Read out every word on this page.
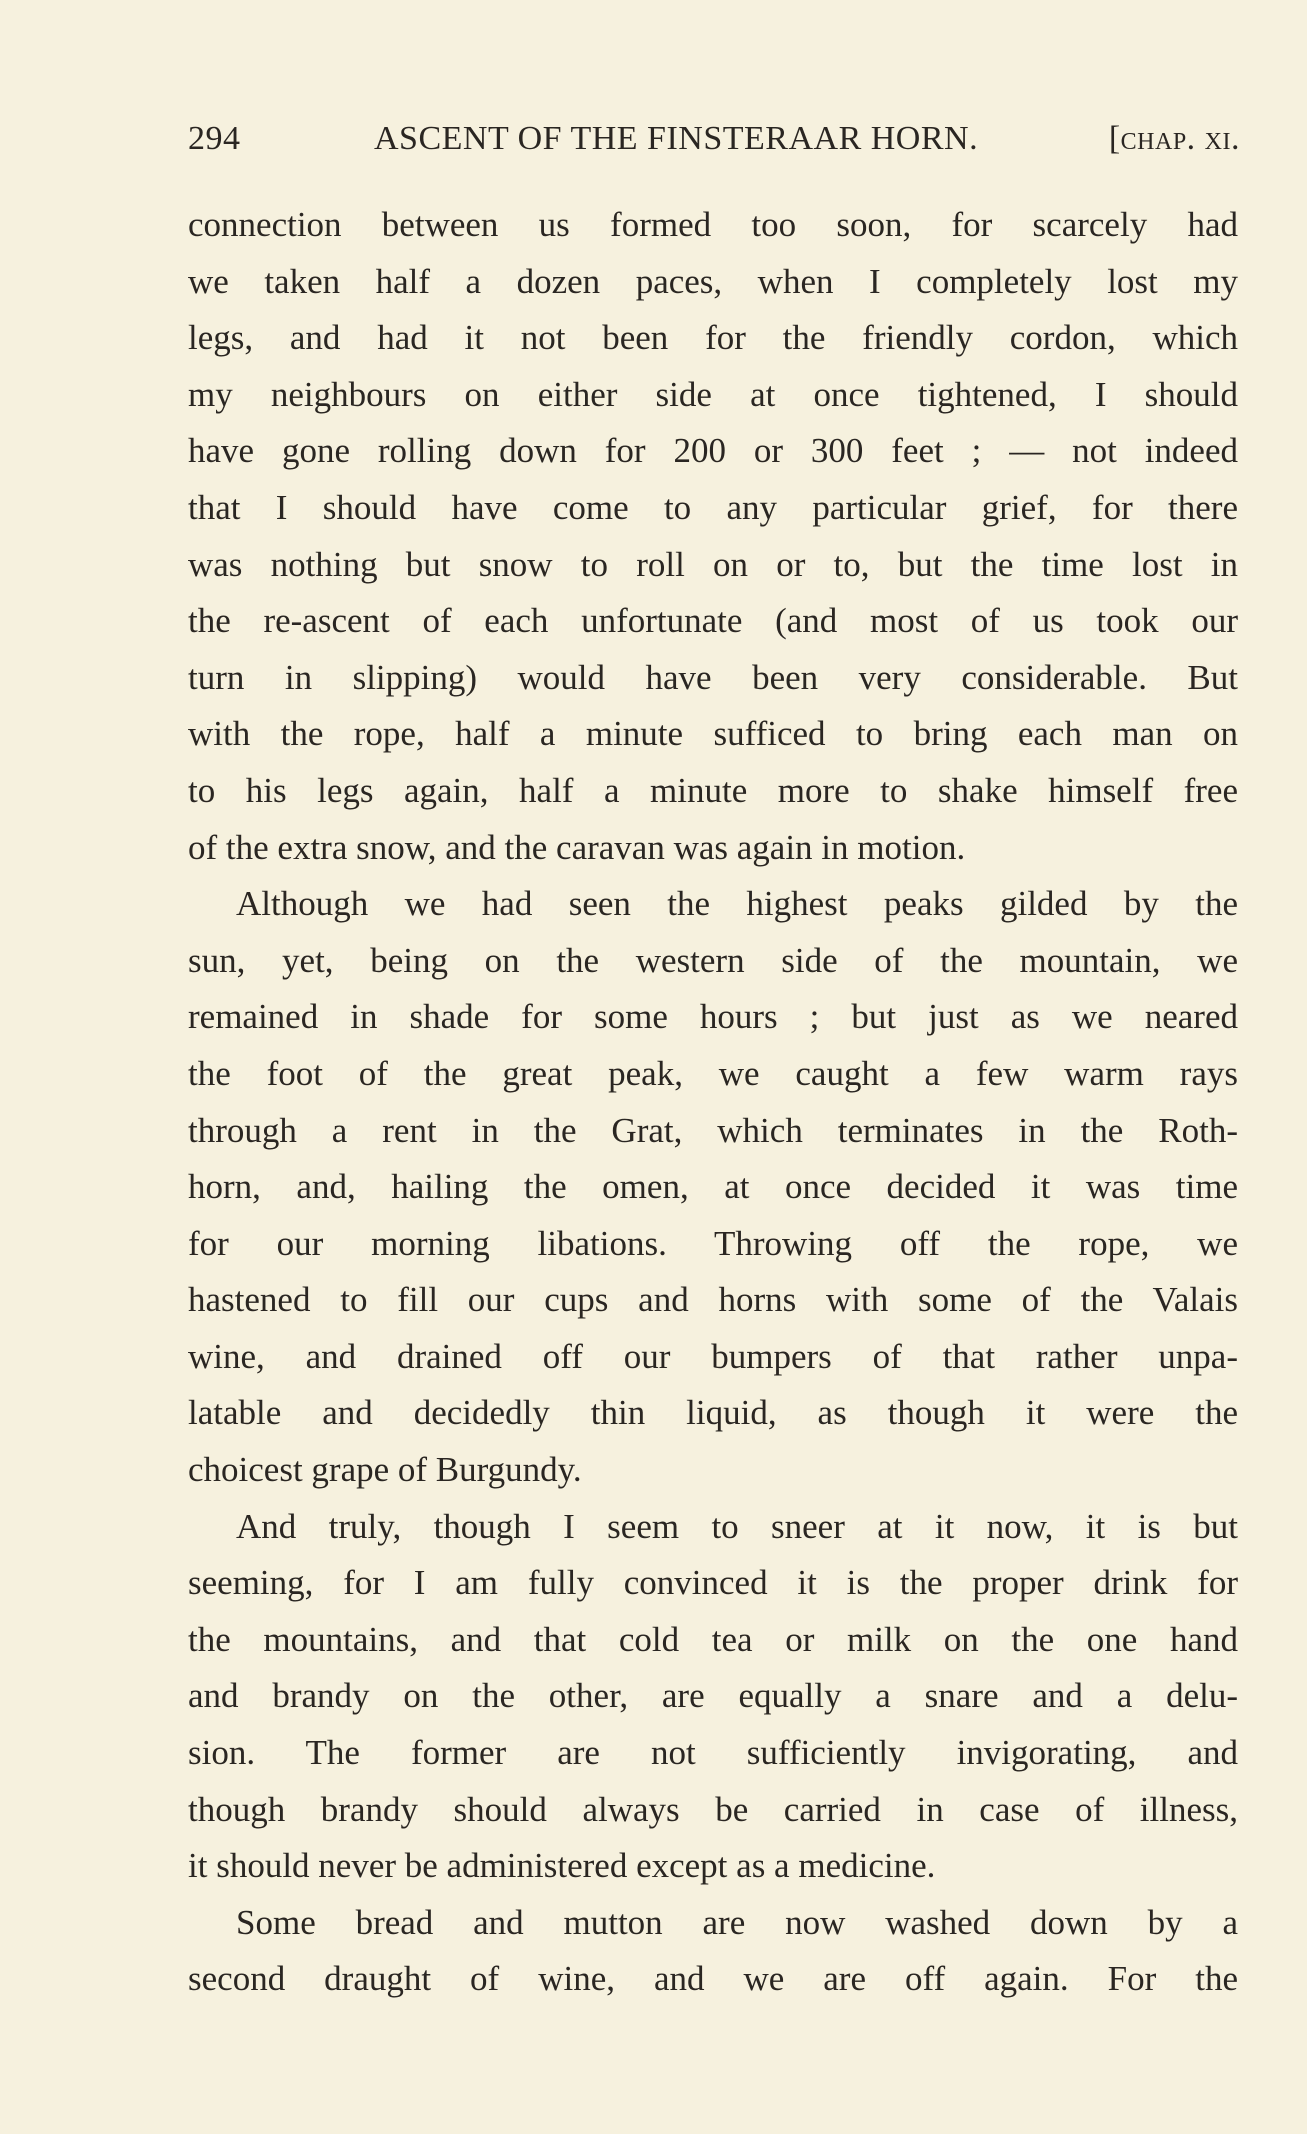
294	ASCENT OF THE FINSTERAAR HORN.	[chap. xi.

connection between us formed too soon, for scarcely had
we taken half a dozen paces, when I completely lost my
legs, and had it not been for the friendly cordon, which
my neighbours on either side at once tightened, I should
have gone rolling down for 200 or 300 feet ; — not indeed
that I should have come to any particular grief, for there
was nothing but snow to roll on or to, but the time lost in
the re-ascent of each unfortunate (and most of us took our
turn in slipping) would have been very considerable. But
with the rope, half a minute sufficed to bring each man on
to his legs again, half a minute more to shake himself free
of the extra snow, and the caravan was again in motion.

Although we had seen the highest peaks gilded by the
sun, yet, being on the western side of the mountain, we
remained in shade for some hours ; but just as we neared
the foot of the great peak, we caught a few warm rays
through a rent in the Grat, which terminates in the Roth-
horn, and, hailing the omen, at once decided it was time
for our morning libations. Throwing off the rope, we
hastened to fill our cups and horns with some of the Valais
wine, and drained off our bumpers of that rather unpa-
latable and decidedly thin liquid, as though it were the
choicest grape of Burgundy.

And truly, though I seem to sneer at it now, it is but
seeming, for I am fully convinced it is the proper drink for
the mountains, and that cold tea or milk on the one hand
and brandy on the other, are equally a snare and a delu-
sion. The former are not sufficiently invigorating, and
though brandy should always be carried in case of illness,
it should never be administered except as a medicine.

Some bread and mutton are now washed down by a
second draught of wine, and we are off again. For the
